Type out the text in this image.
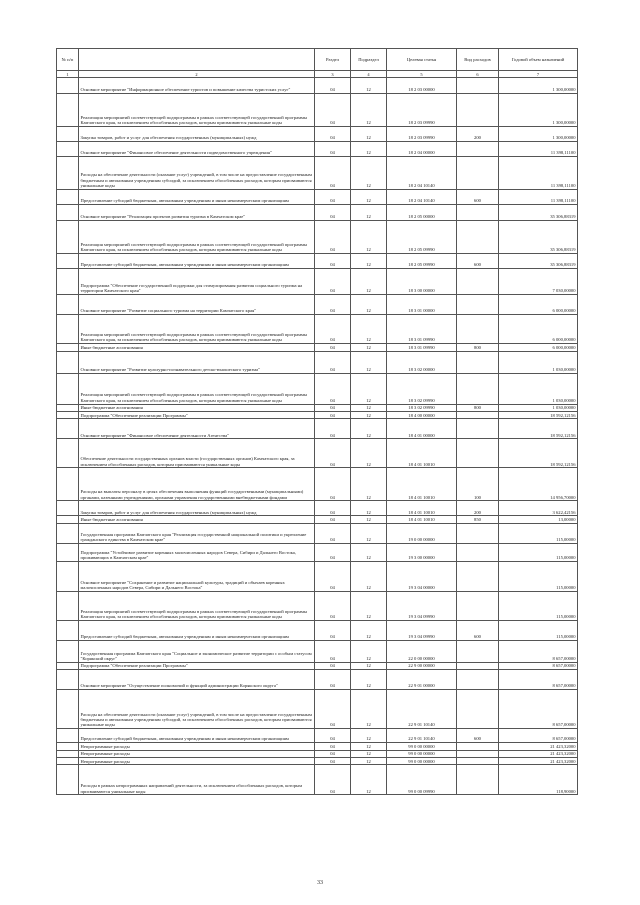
№ п/п		Раздел	Подраздел	Целевая статья	Вид расходов	Годовой объем назначений
1	2	3	4	5	6	7
	Основное мероприятие "Информационное обеспечение туристов и повышение качества туристских услуг"	04	12	18 2 03 00000		1 300,00000
	Реализация мероприятий соответствующей подпрограммы в рамках соответствующей государственной программы Камчатского края, за исключением обособленных расходов, которым присваиваются уникальные коды	04	12	18 2 03 09990		1 300,00000
	Закупка товаров, работ и услуг для обеспечения государственных (муниципальных) нужд	04	12	18 2 03 09990	200	1 300,00000
	Основное мероприятие "Финансовое обеспечение деятельности подведомственного учреждения"	04	12	18 2 04 00000		11 398,11100
	Расходы на обеспечение деятельности (оказание услуг) учреждений, в том числе на предоставление государственным бюджетным и автономным учреждениям субсидий, за исключением обособленных расходов, которым присваиваются уникальные коды	04	12	18 2 04 10140		11 398,11100
	Предоставление субсидий бюджетным, автономным учреждениям и иным некоммерческим организациям	04	12	18 2 04 10140	600	11 398,11100
	Основное мероприятие "Реализация проектов развития туризма в Камчатском крае"	04	12	18 2 05 00000		35 306,88319
	Реализация мероприятий соответствующей подпрограммы в рамках соответствующей государственной программы Камчатского края, за исключением обособленных расходов, которым присваиваются уникальные коды	04	12	18 2 05 09990		35 306,88319
	Предоставление субсидий бюджетным, автономным учреждениям и иным некоммерческим организациям	04	12	18 2 05 09990	600	35 306,88319
	Подпрограмма "Обеспечение государственной поддержки для стимулирования развития социального туризма на территории Камчатского края"	04	12	18 3 00 00000		7 030,00000
	Основное мероприятие "Развитие социального туризма на территории Камчатского края"	04	12	18 3 01 00000		6 000,00000
	Реализация мероприятий соответствующей подпрограммы в рамках соответствующей государственной программы Камчатского края, за исключением обособленных расходов, которым присваиваются уникальные коды	04	12	18 3 01 09990		6 000,00000
	Иные бюджетные ассигнования	04	12	18 3 01 09990	800	6 000,00000
	Основное мероприятие "Развитие культурно-познавательного детско-юношеского туризма"	04	12	18 3 02 00000		1 030,00000
	Реализация мероприятий соответствующей подпрограммы в рамках соответствующей государственной программы Камчатского края, за исключением обособленных расходов, которым присваиваются уникальные коды	04	12	18 3 02 09990		1 030,00000
	Иные бюджетные ассигнования	04	12	18 3 02 09990	800	1 030,00000
	Подпрограмма "Обеспечение реализации Программы"	04	12	18 4 00 00000		18 592,12156
	Основное мероприятие "Финансовое обеспечение деятельности Агентства"	04	12	18 4 01 00000		18 592,12156
	Обеспечение деятельности государственных органов власти (государственных органов) Камчатского края, за исключением обособленных расходов, которым присваиваются уникальные коды	04	12	18 4 01 10010		18 592,12156
	Расходы на выплаты персоналу в целях обеспечения выполнения функций государственными (муниципальными) органами, казенными учреждениями, органами управления государственными внебюджетными фондами	04	12	18 4 01 10010	100	14 956,70000
	Закупка товаров, работ и услуг для обеспечения государственных (муниципальных) нужд	04	12	18 4 01 10010	200	3 622,42156
	Иные бюджетные ассигнования	04	12	18 4 01 10010	850	13,00000
	Государственная программа Камчатского края "Реализация государственной национальной политики и укрепление гражданского единства в Камчатском крае"	04	12	19 0 00 00000		115,00000
	Подпрограмма "Устойчивое развитие коренных малочисленных народов Севера, Сибири и Дальнего Востока, проживающих в Камчатском крае"	04	12	19 3 00 00000		115,00000
	Основное мероприятие "Сохранение и развитие национальной культуры, традиций и обычаев коренных малочисленных народов Севера, Сибири и Дальнего Востока"	04	12	19 3 04 00000		115,00000
	Реализация мероприятий соответствующей подпрограммы в рамках соответствующей государственной программы Камчатского края, за исключением обособленных расходов, которым присваиваются уникальные коды	04	12	19 3 04 09990		115,00000
	Предоставление субсидий бюджетным, автономным учреждениям и иным некоммерческим организациям	04	12	19 3 04 09990	600	115,00000
	Государственная программа Камчатского края "Социальное и экономическое развитие территории с особым статусом "Корякский округ"	04	12	22 0 00 00000		8 657,00000
	Подпрограмма "Обеспечение реализации Программы"	04	12	22 9 00 00000		8 657,00000
	Основное мероприятие "Осуществление полномочий и функций администрации Корякского округа"	04	12	22 9 01 00000		8 657,00000
	Расходы на обеспечение деятельности (оказание услуг) учреждений, в том числе на предоставление государственным бюджетным и автономным учреждениям субсидий, за исключением обособленных расходов, которым присваиваются уникальные коды	04	12	22 9 01 10140		8 657,00000
	Предоставление субсидий бюджетным, автономным учреждениям и иным некоммерческим организациям	04	12	22 9 01 10140	600	8 657,00000
	Непрограммные расходы	04	12	99 0 00 00000		21 423,32000
	Непрограммные расходы	04	12	99 0 00 00000		21 423,32000
	Непрограммные расходы	04	12	99 0 00 00000		21 423,32000
	Расходы в рамках непрограммных направлений деятельности, за исключением обособленных расходов, которым присваиваются уникальные коды	04	12	99 0 00 09990		118,90000
33
